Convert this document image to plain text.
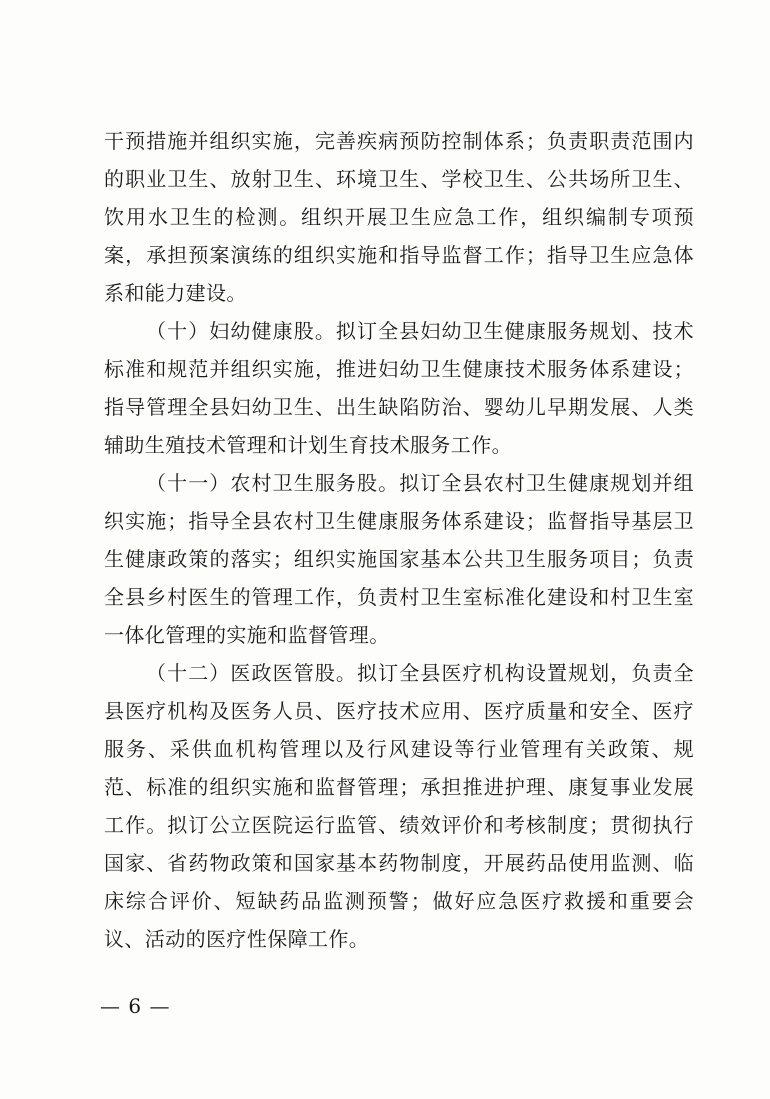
干预措施并组织实施，完善疾病预防控制体系；负责职责范围内的职业卫生、放射卫生、环境卫生、学校卫生、公共场所卫生、饮用水卫生的检测。组织开展卫生应急工作，组织编制专项预案，承担预案演练的组织实施和指导监督工作；指导卫生应急体系和能力建设。

（十）妇幼健康股。拟订全县妇幼卫生健康服务规划、技术标准和规范并组织实施，推进妇幼卫生健康技术服务体系建设；指导管理全县妇幼卫生、出生缺陷防治、婴幼儿早期发展、人类辅助生殖技术管理和计划生育技术服务工作。

（十一）农村卫生服务股。拟订全县农村卫生健康规划并组织实施；指导全县农村卫生健康服务体系建设；监督指导基层卫生健康政策的落实；组织实施国家基本公共卫生服务项目；负责全县乡村医生的管理工作，负责村卫生室标准化建设和村卫生室一体化管理的实施和监督管理。

（十二）医政医管股。拟订全县医疗机构设置规划，负责全县医疗机构及医务人员、医疗技术应用、医疗质量和安全、医疗服务、采供血机构管理以及行风建设等行业管理有关政策、规范、标准的组织实施和监督管理；承担推进护理、康复事业发展工作。拟订公立医院运行监管、绩效评价和考核制度；贯彻执行国家、省药物政策和国家基本药物制度，开展药品使用监测、临床综合评价、短缺药品监测预警；做好应急医疗救援和重要会议、活动的医疗性保障工作。

— 6 —
